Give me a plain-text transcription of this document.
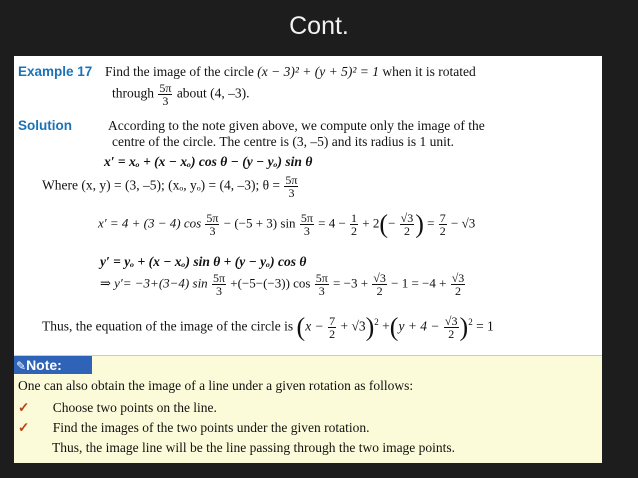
Cont.
Example 17 Find the image of the circle (x − 3)² + (y + 5)² = 1 when it is rotated
through $\frac{5\pi}{3}$ about (4, –3).
Solution	According to the note given above, we compute only the image of the
centre of the circle. The centre is (3, –5) and its radius is 1 unit.
x′ = xₒ + (x − xₒ) cos θ − (y − yₒ) sin θ
Where (x, y) = (3, –5); (xₒ, yₒ) = (4, –3); $\theta = \frac{5\pi}{3}$
x′ = 4 + (3 − 4) $\cos \frac{5\pi}{3} - (-5 + 3)$ $\sin \frac{5\pi}{3} = 4 - \frac{1}{2} + 2(- \frac{√3}{2}$ ) = $\frac{7}{2} - √3$
y′ = yₒ + (x − xₒ) sin θ + (y − yₒ) cos θ
⇒ y′= −3+(3−4) $\sin \frac{5\pi}{3} +(-5-(-3))$ $\cos \frac{5\pi}{3} = -3 + \frac{√3}{2} - 1 = -4 + \frac{√3}{2}$
Thus, the equation of the image of the circle is $(x - \frac{7}{2} + √3)^2 +(y + 4 - \frac{√3}{2} )^2 = 1$
✎Note:
One can also obtain the image of a line under a given rotation as follows:
✓ Choose two points on the line.
✓ Find the images of the two points under the given rotation.
Thus, the image line will be the line passing through the two image points.
